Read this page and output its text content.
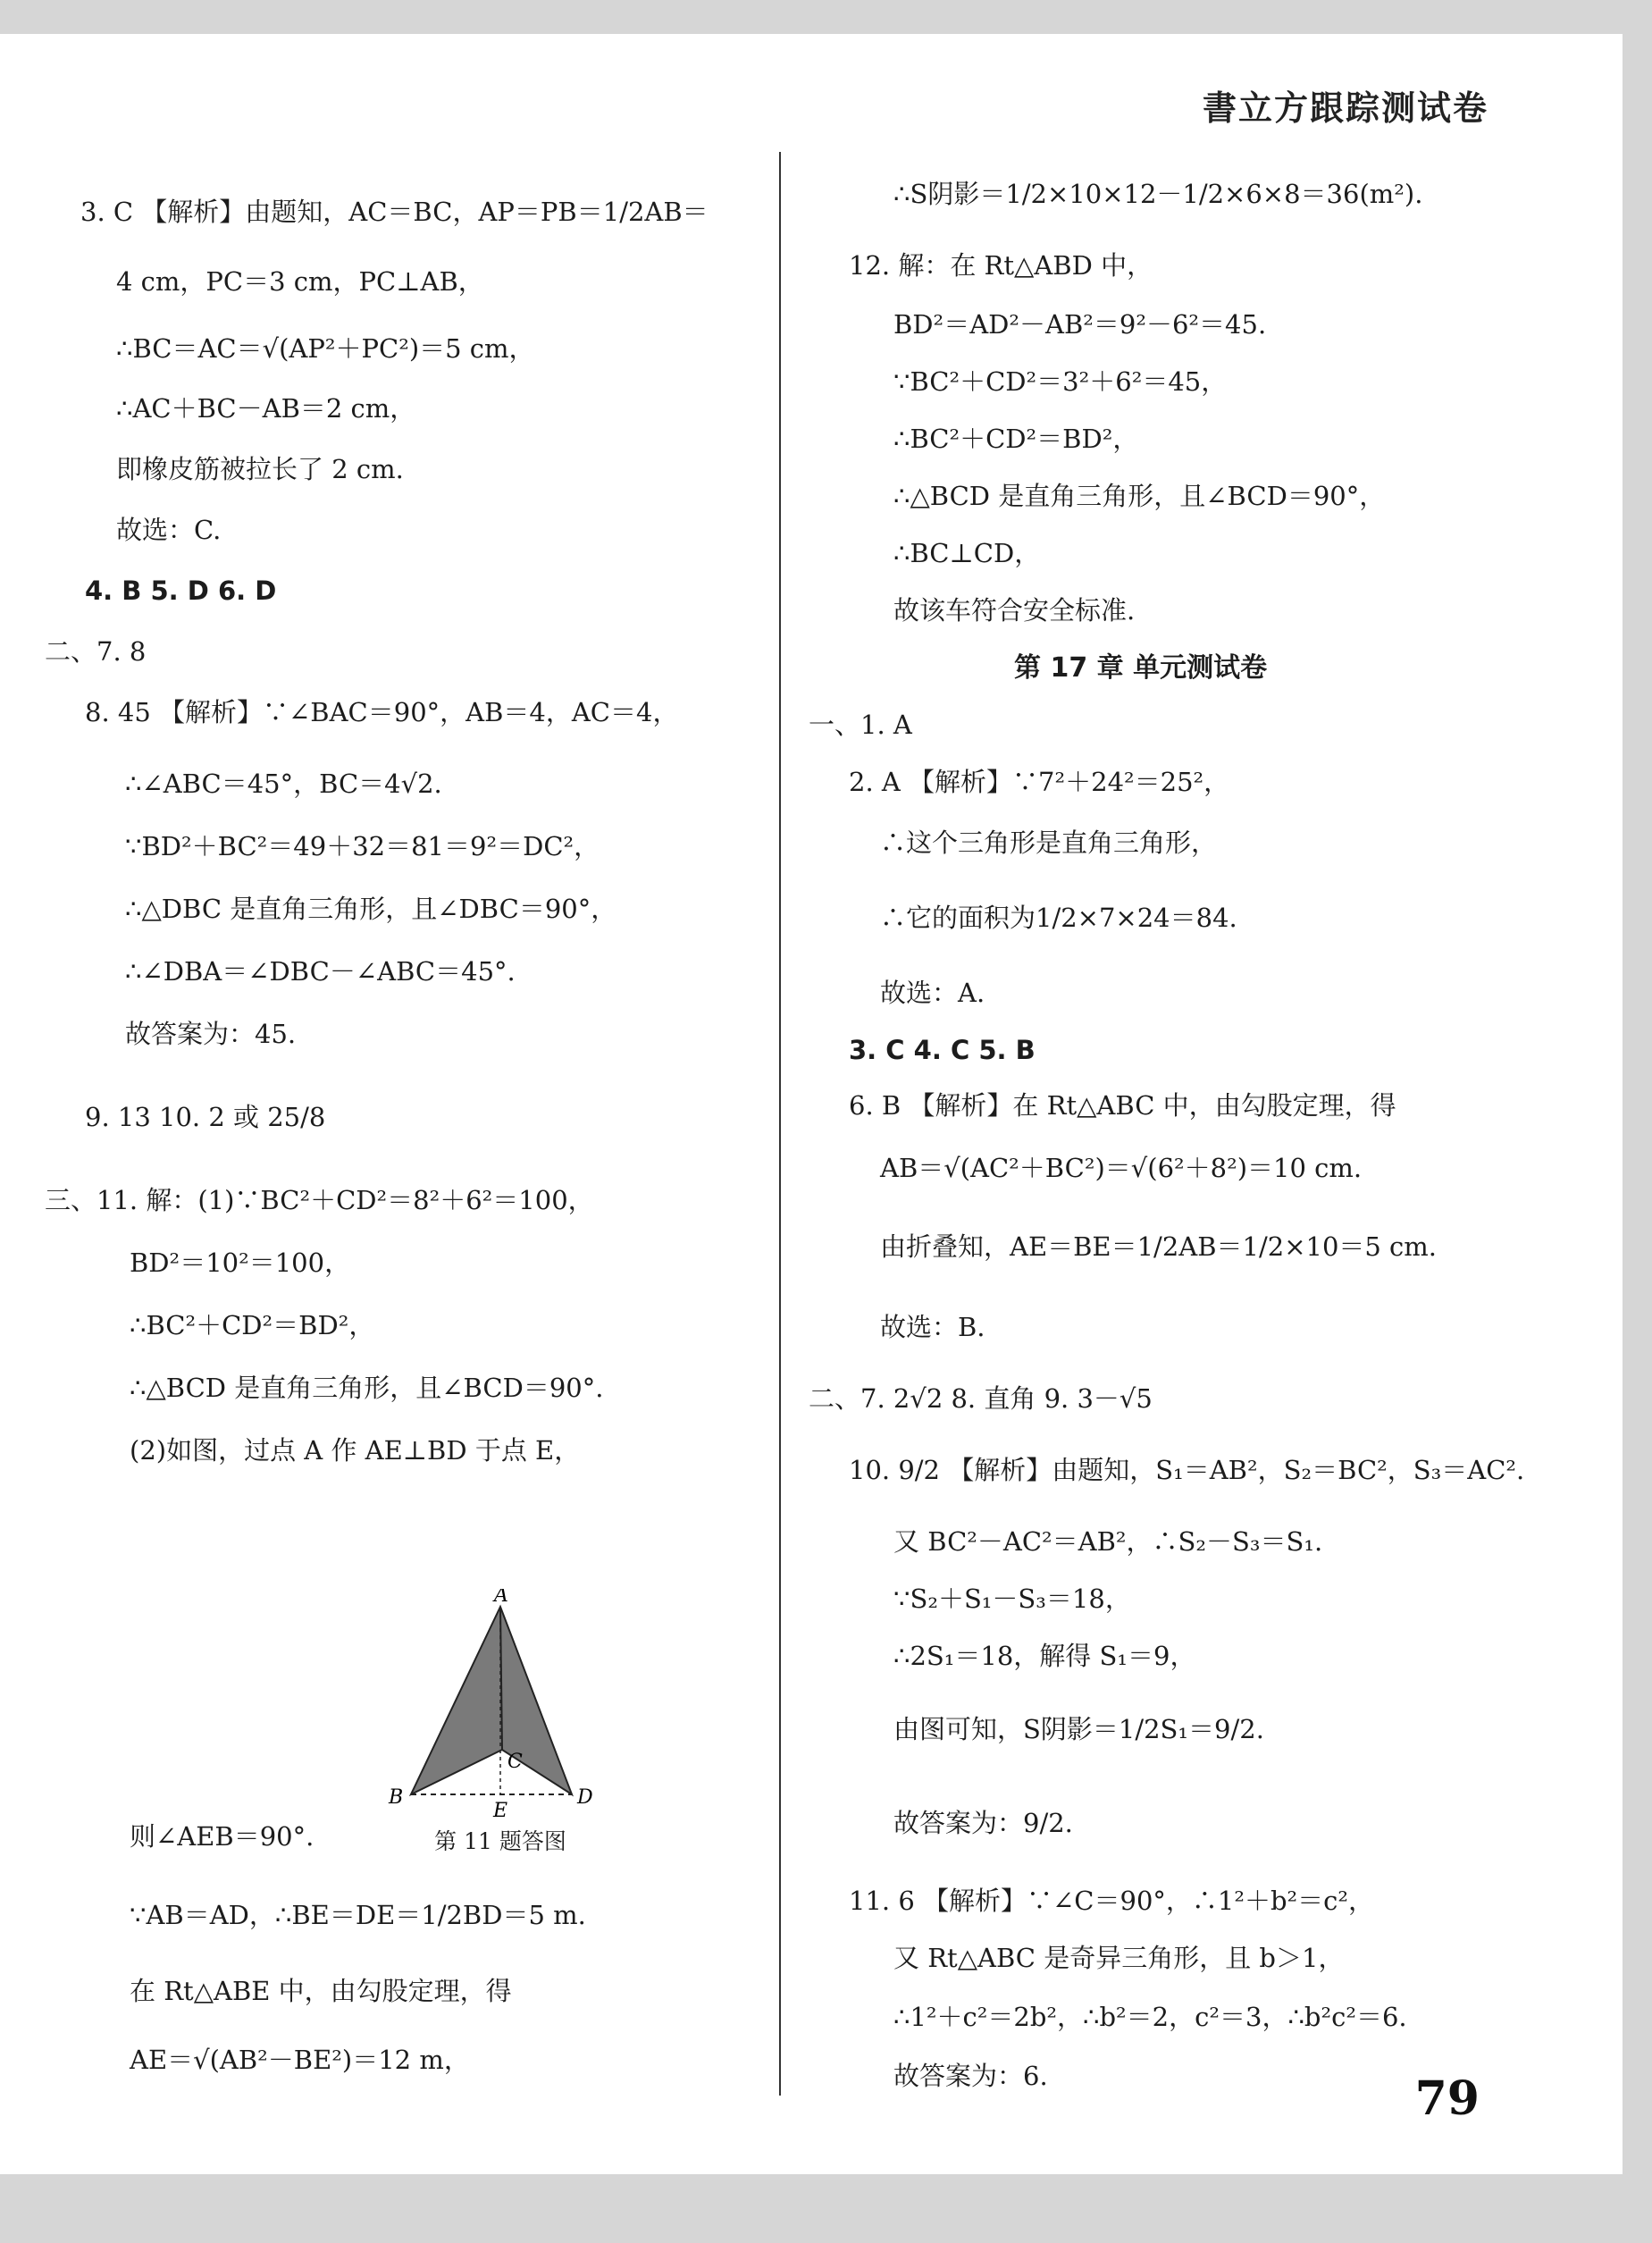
書立方跟踪测试卷
3. C 【解析】由题知，AC＝BC，AP＝PB＝1/2AB＝
4 cm，PC＝3 cm，PC⊥AB，
∴BC＝AC＝√(AP²＋PC²)＝5 cm，
∴AC＋BC－AB＝2 cm，
即橡皮筋被拉长了 2 cm.
故选：C.
4. B 5. D 6. D
二、7. 8
8. 45 【解析】∵∠BAC＝90°，AB＝4，AC＝4，
∴∠ABC＝45°，BC＝4√2.
∵BD²＋BC²＝49＋32＝81＝9²＝DC²，
∴△DBC 是直角三角形，且∠DBC＝90°，
∴∠DBA＝∠DBC－∠ABC＝45°.
故答案为：45.
9. 13 10. 2 或 25/8
三、11. 解：(1)∵BC²＋CD²＝8²＋6²＝100，
BD²＝10²＝100，
∴BC²＋CD²＝BD²，
∴△BCD 是直角三角形，且∠BCD＝90°.
(2)如图，过点 A 作 AE⊥BD 于点 E，
则∠AEB＝90°.
∵AB＝AD，∴BE＝DE＝1/2BD＝5 m.
在 Rt△ABE 中，由勾股定理，得
AE＝√(AB²－BE²)＝12 m，
A
B
C
D
E
第 11 题答图
∴S阴影＝1/2×10×12－1/2×6×8＝36(m²).
12. 解：在 Rt△ABD 中，
BD²＝AD²－AB²＝9²－6²＝45.
∵BC²＋CD²＝3²＋6²＝45，
∴BC²＋CD²＝BD²，
∴△BCD 是直角三角形，且∠BCD＝90°，
∴BC⊥CD，
故该车符合安全标准.
第 17 章 单元测试卷
一、1. A
2. A 【解析】∵7²＋24²＝25²，
∴这个三角形是直角三角形，
∴它的面积为1/2×7×24＝84.
故选：A.
3. C 4. C 5. B
6. B 【解析】在 Rt△ABC 中，由勾股定理，得
AB＝√(AC²＋BC²)＝√(6²＋8²)＝10 cm.
由折叠知，AE＝BE＝1/2AB＝1/2×10＝5 cm.
故选：B.
二、7. 2√2 8. 直角 9. 3－√5
10. 9/2 【解析】由题知，S₁＝AB²，S₂＝BC²，S₃＝AC².
又 BC²－AC²＝AB²，∴S₂－S₃＝S₁.
∵S₂＋S₁－S₃＝18，
∴2S₁＝18，解得 S₁＝9，
由图可知，S阴影＝1/2S₁＝9/2.
故答案为：9/2.
11. 6 【解析】∵∠C＝90°，∴1²＋b²＝c²，
又 Rt△ABC 是奇异三角形，且 b＞1，
∴1²＋c²＝2b²，∴b²＝2，c²＝3，∴b²c²＝6.
故答案为：6.	79
